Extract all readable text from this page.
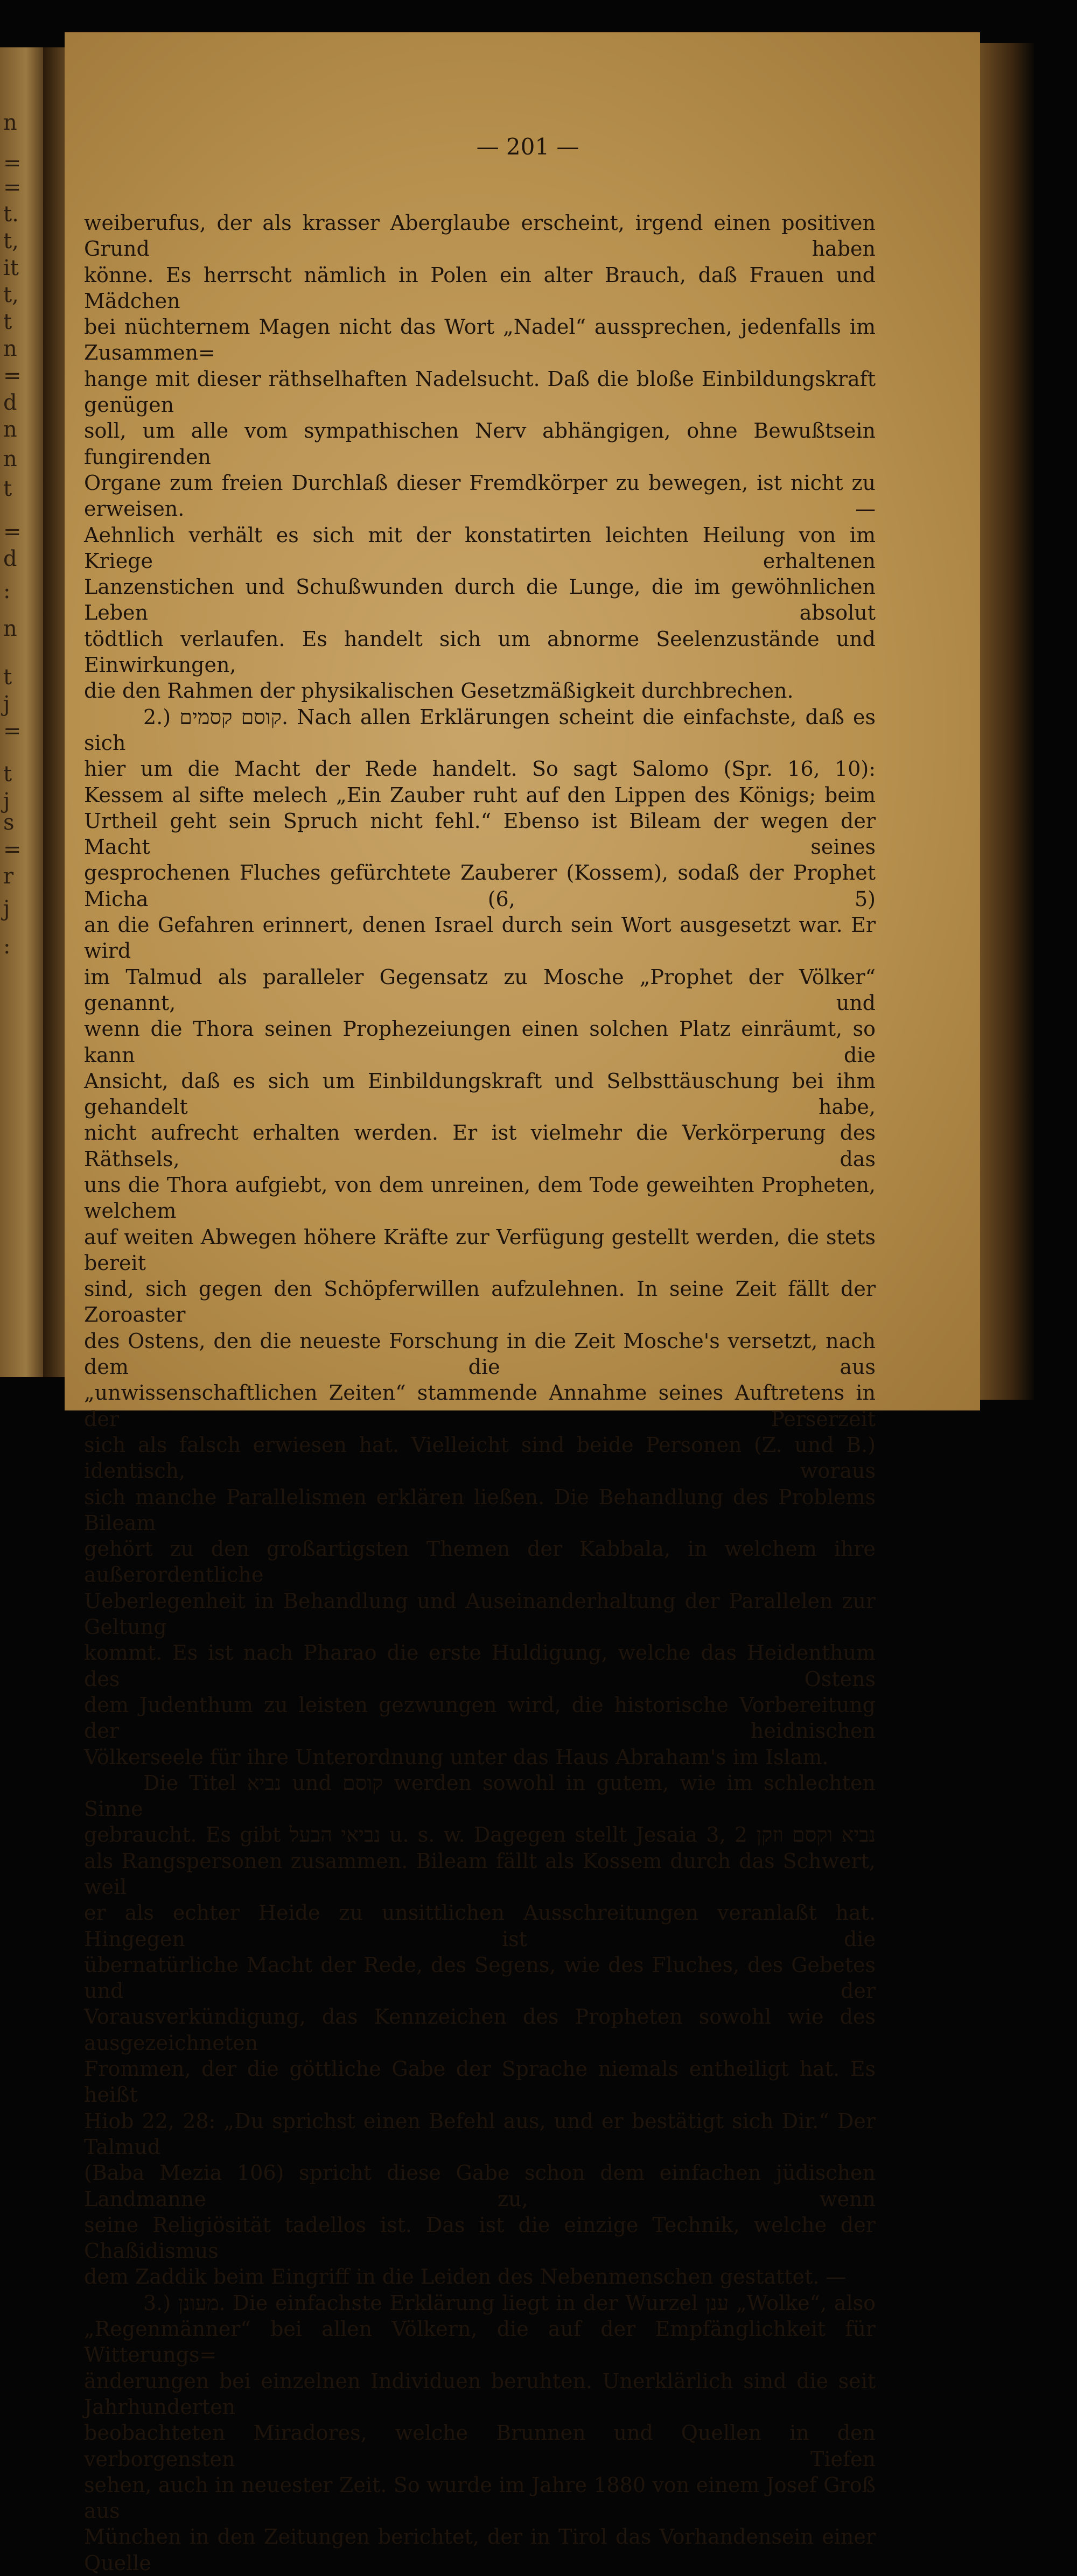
n
=
=
t.
t,
it
t,
t
n
=
d
n
n
t
=
d
:
n
t
j
=
t
j
s
=
r
j
:
— 201 —

weiberufus, der als krasser Aberglaube erscheint, irgend einen positiven Grund haben

könne. Es herrscht nämlich in Polen ein alter Brauch, daß Frauen und Mädchen

bei nüchternem Magen nicht das Wort „Nadel“ aussprechen, jedenfalls im Zusammen=

hange mit dieser räthselhaften Nadelsucht. Daß die bloße Einbildungskraft genügen

soll, um alle vom sympathischen Nerv abhängigen, ohne Bewußtsein fungirenden

Organe zum freien Durchlaß dieser Fremdkörper zu bewegen, ist nicht zu erweisen. —

Aehnlich verhält es sich mit der konstatirten leichten Heilung von im Kriege erhaltenen

Lanzenstichen und Schußwunden durch die Lunge, die im gewöhnlichen Leben absolut

tödtlich verlaufen. Es handelt sich um abnorme Seelenzustände und Einwirkungen,

die den Rahmen der physikalischen Gesetzmäßigkeit durchbrechen.

2.) קוסם קסמים. Nach allen Erklärungen scheint die einfachste, daß es sich

hier um die Macht der Rede handelt. So sagt Salomo (Spr. 16, 10):

Kessem al sifte melech „Ein Zauber ruht auf den Lippen des Königs; beim

Urtheil geht sein Spruch nicht fehl.“ Ebenso ist Bileam der wegen der Macht seines

gesprochenen Fluches gefürchtete Zauberer (Kossem), sodaß der Prophet Micha (6, 5)

an die Gefahren erinnert, denen Israel durch sein Wort ausgesetzt war. Er wird

im Talmud als paralleler Gegensatz zu Mosche „Prophet der Völker“ genannt, und

wenn die Thora seinen Prophezeiungen einen solchen Platz einräumt, so kann die

Ansicht, daß es sich um Einbildungskraft und Selbsttäuschung bei ihm gehandelt habe,

nicht aufrecht erhalten werden. Er ist vielmehr die Verkörperung des Räthsels, das

uns die Thora aufgiebt, von dem unreinen, dem Tode geweihten Propheten, welchem

auf weiten Abwegen höhere Kräfte zur Verfügung gestellt werden, die stets bereit

sind, sich gegen den Schöpferwillen aufzulehnen. In seine Zeit fällt der Zoroaster

des Ostens, den die neueste Forschung in die Zeit Mosche's versetzt, nach dem die aus

„unwissenschaftlichen Zeiten“ stammende Annahme seines Auftretens in der Perserzeit

sich als falsch erwiesen hat. Vielleicht sind beide Personen (Z. und B.) identisch, woraus

sich manche Parallelismen erklären ließen. Die Behandlung des Problems Bileam

gehört zu den großartigsten Themen der Kabbala, in welchem ihre außerordentliche

Ueberlegenheit in Behandlung und Auseinanderhaltung der Parallelen zur Geltung

kommt. Es ist nach Pharao die erste Huldigung, welche das Heidenthum des Ostens

dem Judenthum zu leisten gezwungen wird, die historische Vorbereitung der heidnischen

Völkerseele für ihre Unterordnung unter das Haus Abraham's im Islam.

Die Titel נביא und קוסם werden sowohl in gutem, wie im schlechten Sinne

gebraucht. Es gibt נביאי הבעל u. s. w. Dagegen stellt Jesaia 3, 2 נביא וקסם וזקן

als Rangspersonen zusammen. Bileam fällt als Kossem durch das Schwert, weil

er als echter Heide zu unsittlichen Ausschreitungen veranlaßt hat. Hingegen ist die

übernatürliche Macht der Rede, des Segens, wie des Fluches, des Gebetes und der

Vorausverkündigung, das Kennzeichen des Propheten sowohl wie des ausgezeichneten

Frommen, der die göttliche Gabe der Sprache niemals entheiligt hat. Es heißt

Hiob 22, 28: „Du sprichst einen Befehl aus, und er bestätigt sich Dir.“ Der Talmud

(Baba Mezia 106) spricht diese Gabe schon dem einfachen jüdischen Landmanne zu, wenn

seine Religiösität tadellos ist. Das ist die einzige Technik, welche der Chaßidismus

dem Zaddik beim Eingriff in die Leiden des Nebenmenschen gestattet. —

3.) מעונן. Die einfachste Erklärung liegt in der Wurzel ענן „Wolke“, also

„Regenmänner“ bei allen Völkern, die auf der Empfänglichkeit für Witterungs=

änderungen bei einzelnen Individuen beruhten. Unerklärlich sind die seit Jahrhunderten

beobachteten Miradores, welche Brunnen und Quellen in den verborgensten Tiefen

sehen, auch in neuester Zeit. So wurde im Jahre 1880 von einem Josef Groß aus

München in den Zeitungen berichtet, der in Tirol das Vorhandensein einer Quelle
